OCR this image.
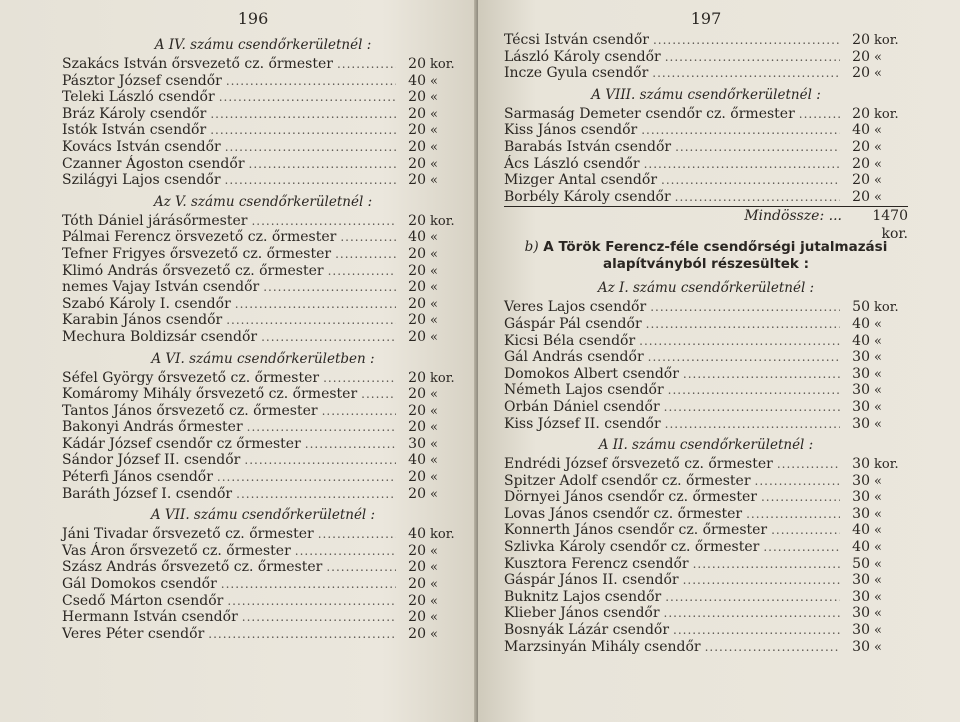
196
A IV. számu csendőrkerületnél :
Szakács István őrsvezető cz. őrmester .....	20 kor.
Pásztor József csendőr .....	40 «
Teleki László csendőr .....	20 «
Bráz Károly csendőr .....	20 «
Istók István csendőr .....	20 «
Kovács István csendőr .....	20 «
Czanner Ágoston csendőr .....	20 «
Szilágyi Lajos csendőr .....	20 «
Az V. számu csendőrkerületnél :
Tóth Dániel járásőrmester .....	20 kor.
Pálmai Ferencz örsvezető cz. őrmester .....	40 «
Tefner Frigyes őrsvezető cz. őrmester .....	20 «
Klimó András őrsvezető cz. őrmester .....	20 «
nemes Vajay István csendőr .....	20 «
Szabó Károly I. csendőr .....	20 «
Karabin János csendőr .....	20 «
Mechura Boldizsár csendőr .....	20 «
A VI. számu csendőrkerületben :
Séfel György őrsvezető cz. őrmester .....	20 kor.
Komáromy Mihály őrsvezető cz. őrmester .....	20 «
Tantos János őrsvezető cz. őrmester .....	20 «
Bakonyi András őrmester .....	20 «
Kádár József csendőr cz őrmester .....	30 «
Sándor József II. csendőr .....	40 «
Péterfi János csendőr .....	20 «
Baráth József I. csendőr .....	20 «
A VII. számu csendőrkerületnél :
Jáni Tivadar őrsvezető cz. őrmester .....	40 kor.
Vas Áron őrsvezető cz. őrmester .....	20 «
Szász András őrsvezető cz. őrmester .....	20 «
Gál Domokos csendőr .....	20 «
Csedő Márton csendőr .....	20 «
Hermann István csendőr .....	20 «
Veres Péter csendőr .....	20 «
197
Técsi István csendőr .....	20 kor.
László Károly csendőr .....	20 «
Incze Gyula csendőr .....	20 «
A VIII. számu csendőrkerületnél :
Sarmaság Demeter csendőr cz. őrmester .....	20 kor.
Kiss János csendőr .....	40 «
Barabás István csendőr .....	20 «
Ács László csendőr .....	20 «
Mizger Antal csendőr .....	20 «
Borbély Károly csendőr .....	20 «
Mindössze: ...	1470 kor.
b) A Török Ferencz-féle csendőrségi jutalmazási alapítványból részesültek :
Az I. számu csendőrkerületnél :
Veres Lajos csendőr .....	50 kor.
Gáspár Pál csendőr .....	40 «
Kicsi Béla csendőr .....	40 «
Gál András csendőr .....	30 «
Domokos Albert csendőr .....	30 «
Németh Lajos csendőr .....	30 «
Orbán Dániel csendőr .....	30 «
Kiss József II. csendőr .....	30 «
A II. számu csendőrkerületnél :
Endrédi József őrsvezető cz. őrmester .....	30 kor.
Spitzer Adolf csendőr cz. őrmester .....	30 «
Dörnyei János csendőr cz. őrmester .....	30 «
Lovas János csendőr cz. őrmester .....	30 «
Konnerth János csendőr cz. őrmester .....	40 «
Szlivka Károly csendőr cz. őrmester .....	40 «
Kusztora Ferencz csendőr .....	50 «
Gáspár János II. csendőr .....	30 «
Buknitz Lajos csendőr .....	30 «
Klieber János csendőr .....	30 «
Bosnyák Lázár csendőr .....	30 «
Marzsinyán Mihály csendőr .....	30 «
